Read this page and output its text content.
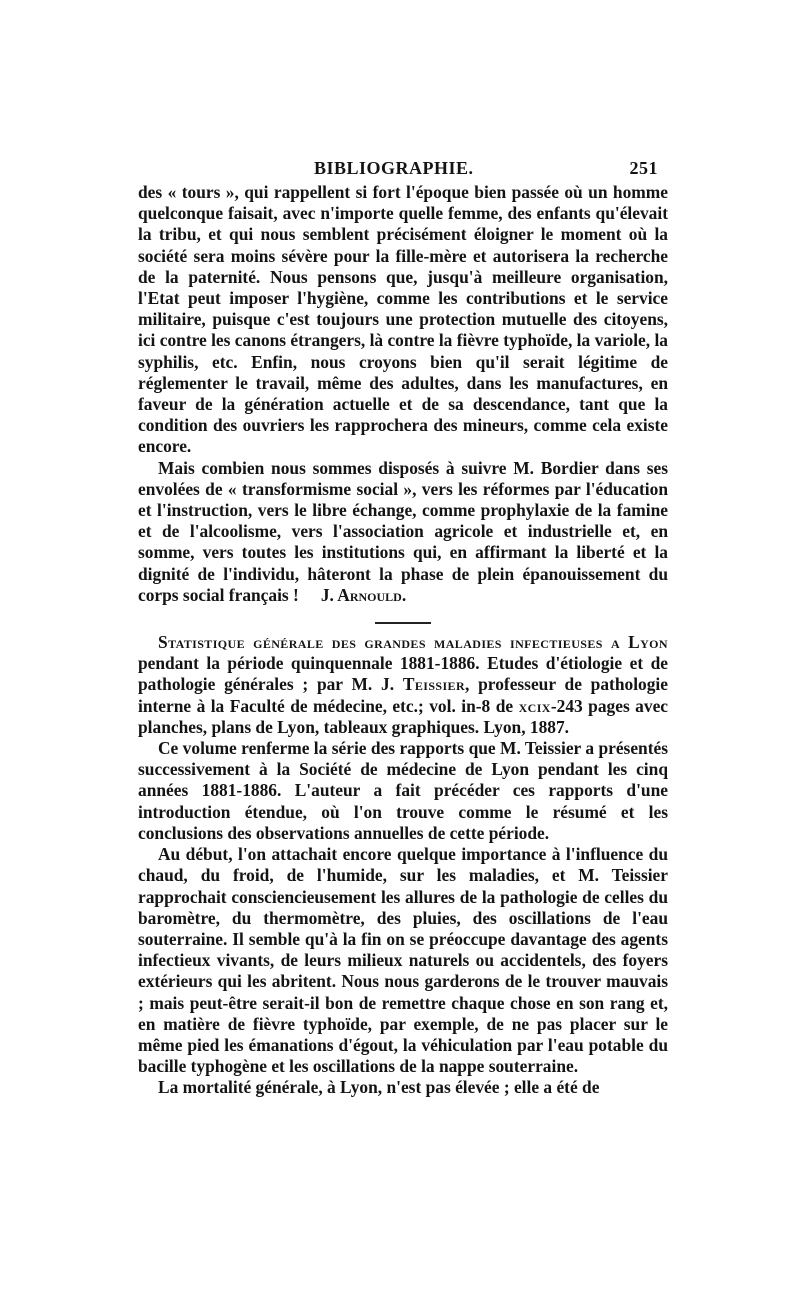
BIBLIOGRAPHIE.	251

des « tours », qui rappellent si fort l'époque bien passée où un homme quelconque faisait, avec n'importe quelle femme, des enfants qu'élevait la tribu, et qui nous semblent précisément éloigner le moment où la société sera moins sévère pour la fille-mère et autorisera la recherche de la paternité. Nous pensons que, jusqu'à meilleure organisation, l'Etat peut imposer l'hygiène, comme les contributions et le service militaire, puisque c'est toujours une protection mutuelle des citoyens, ici contre les canons étrangers, là contre la fièvre typhoïde, la variole, la syphilis, etc. Enfin, nous croyons bien qu'il serait légitime de réglementer le travail, même des adultes, dans les manufactures, en faveur de la génération actuelle et de sa descendance, tant que la condition des ouvriers les rapprochera des mineurs, comme cela existe encore.

Mais combien nous sommes disposés à suivre M. Bordier dans ses envolées de « transformisme social », vers les réformes par l'éducation et l'instruction, vers le libre échange, comme prophylaxie de la famine et de l'alcoolisme, vers l'association agricole et industrielle et, en somme, vers toutes les institutions qui, en affirmant la liberté et la dignité de l'individu, hâteront la phase de plein épanouissement du corps social français ! J. Arnould.

Statistique générale des grandes maladies infectieuses a Lyon pendant la période quinquennale 1881-1886. Etudes d'étiologie et de pathologie générales ; par M. J. Teissier, professeur de pathologie interne à la Faculté de médecine, etc.; vol. in-8 de xcix-243 pages avec planches, plans de Lyon, tableaux graphiques. Lyon, 1887.

Ce volume renferme la série des rapports que M. Teissier a présentés successivement à la Société de médecine de Lyon pendant les cinq années 1881-1886. L'auteur a fait précéder ces rapports d'une introduction étendue, où l'on trouve comme le résumé et les conclusions des observations annuelles de cette période.

Au début, l'on attachait encore quelque importance à l'influence du chaud, du froid, de l'humide, sur les maladies, et M. Teissier rapprochait consciencieusement les allures de la pathologie de celles du baromètre, du thermomètre, des pluies, des oscillations de l'eau souterraine. Il semble qu'à la fin on se préoccupe davantage des agents infectieux vivants, de leurs milieux naturels ou accidentels, des foyers extérieurs qui les abritent. Nous nous garderons de le trouver mauvais ; mais peut-être serait-il bon de remettre chaque chose en son rang et, en matière de fièvre typhoïde, par exemple, de ne pas placer sur le même pied les émanations d'égout, la véhiculation par l'eau potable du bacille typhogène et les oscillations de la nappe souterraine.

La mortalité générale, à Lyon, n'est pas élevée ; elle a été de
